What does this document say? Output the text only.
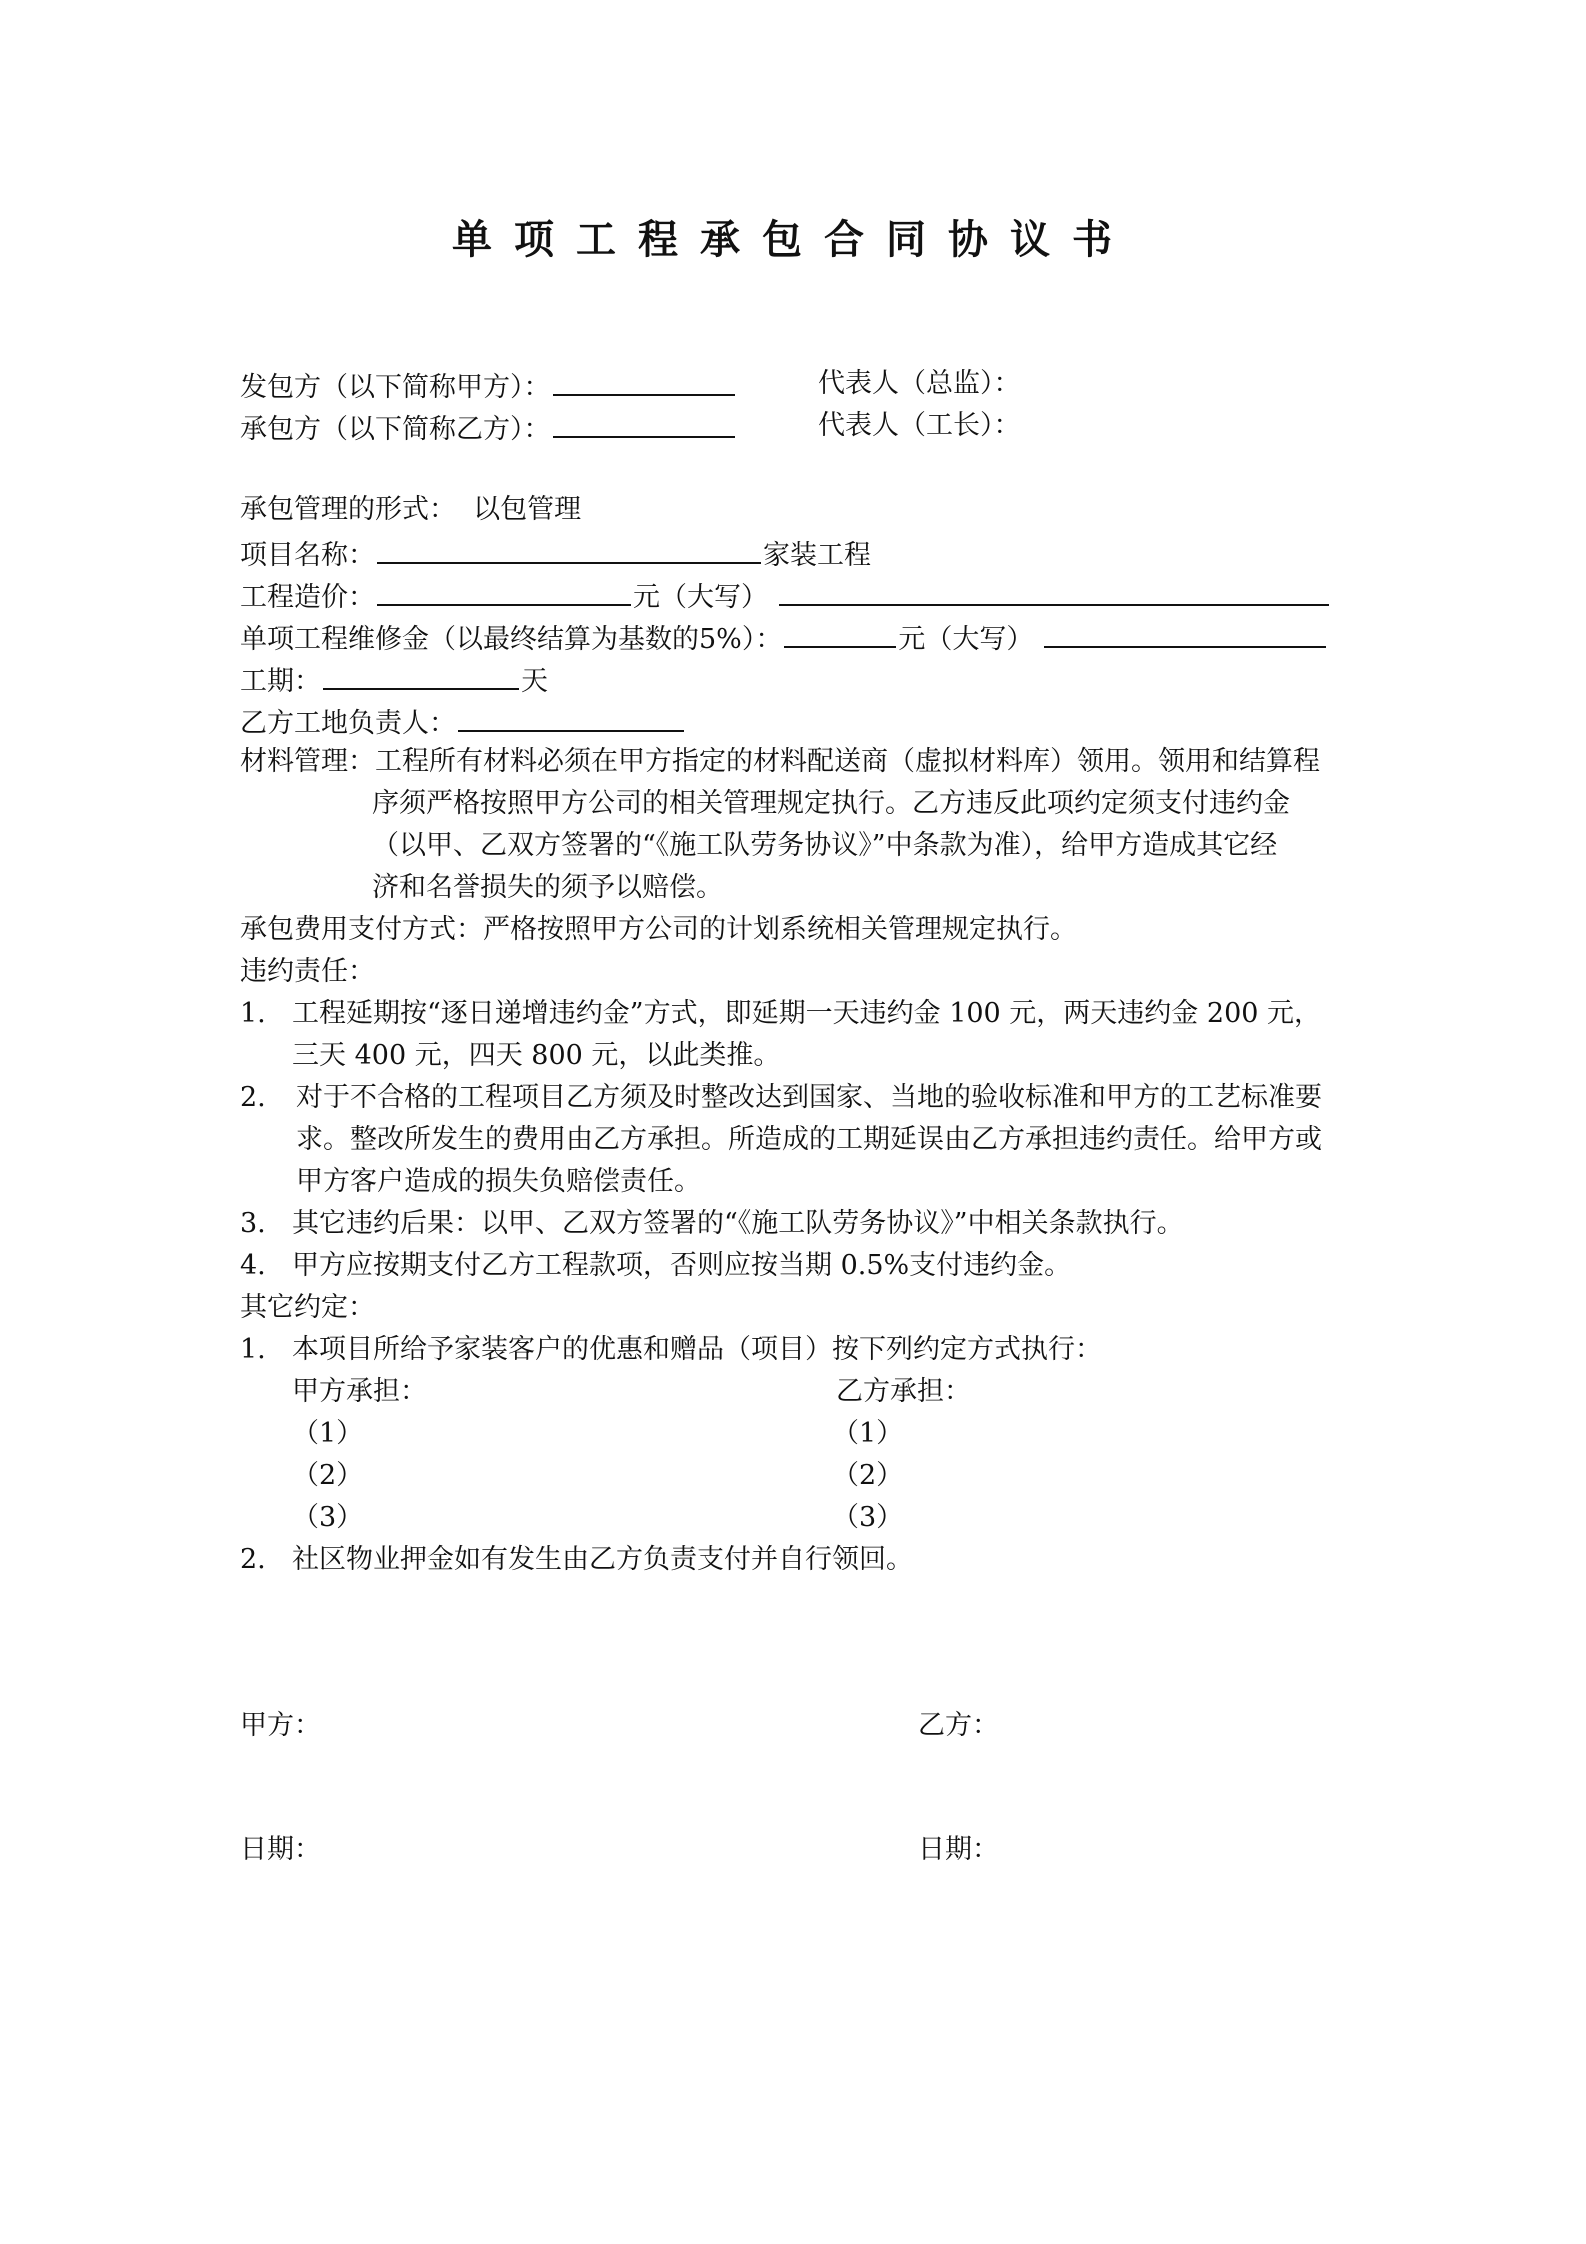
单项工程承包合同协议书
发包方（以下简称甲方）：	代表人（总监）：
承包方（以下简称乙方）：	代表人（工长）：
承包管理的形式： 以包管理
项目名称：	家装工程
工程造价：	元（大写）
单项工程维修金（以最终结算为基数的5%）：	元（大写）
工期：	天
乙方工地负责人：
材料管理：工程所有材料必须在甲方指定的材料配送商（虚拟材料库）领用。领用和结算程
序须严格按照甲方公司的相关管理规定执行。乙方违反此项约定须支付违约金
（以甲、乙双方签署的“《施工队劳务协议》”中条款为准），给甲方造成其它经
济和名誉损失的须予以赔偿。
承包费用支付方式：严格按照甲方公司的计划系统相关管理规定执行。
违约责任：
1. 工程延期按“逐日递增违约金”方式，即延期一天违约金 100 元，两天违约金 200 元，
三天 400 元，四天 800 元，以此类推。
2. 对于不合格的工程项目乙方须及时整改达到国家、当地的验收标准和甲方的工艺标准要
求。整改所发生的费用由乙方承担。所造成的工期延误由乙方承担违约责任。给甲方或
甲方客户造成的损失负赔偿责任。
3. 其它违约后果：以甲、乙双方签署的“《施工队劳务协议》”中相关条款执行。
4. 甲方应按期支付乙方工程款项，否则应按当期 0.5%支付违约金。
其它约定：
1. 本项目所给予家装客户的优惠和赠品（项目）按下列约定方式执行：
甲方承担：	乙方承担：
（1）	（1）
（2）	（2）
（3）	（3）
2. 社区物业押金如有发生由乙方负责支付并自行领回。
甲方：	乙方：
日期：	日期：
